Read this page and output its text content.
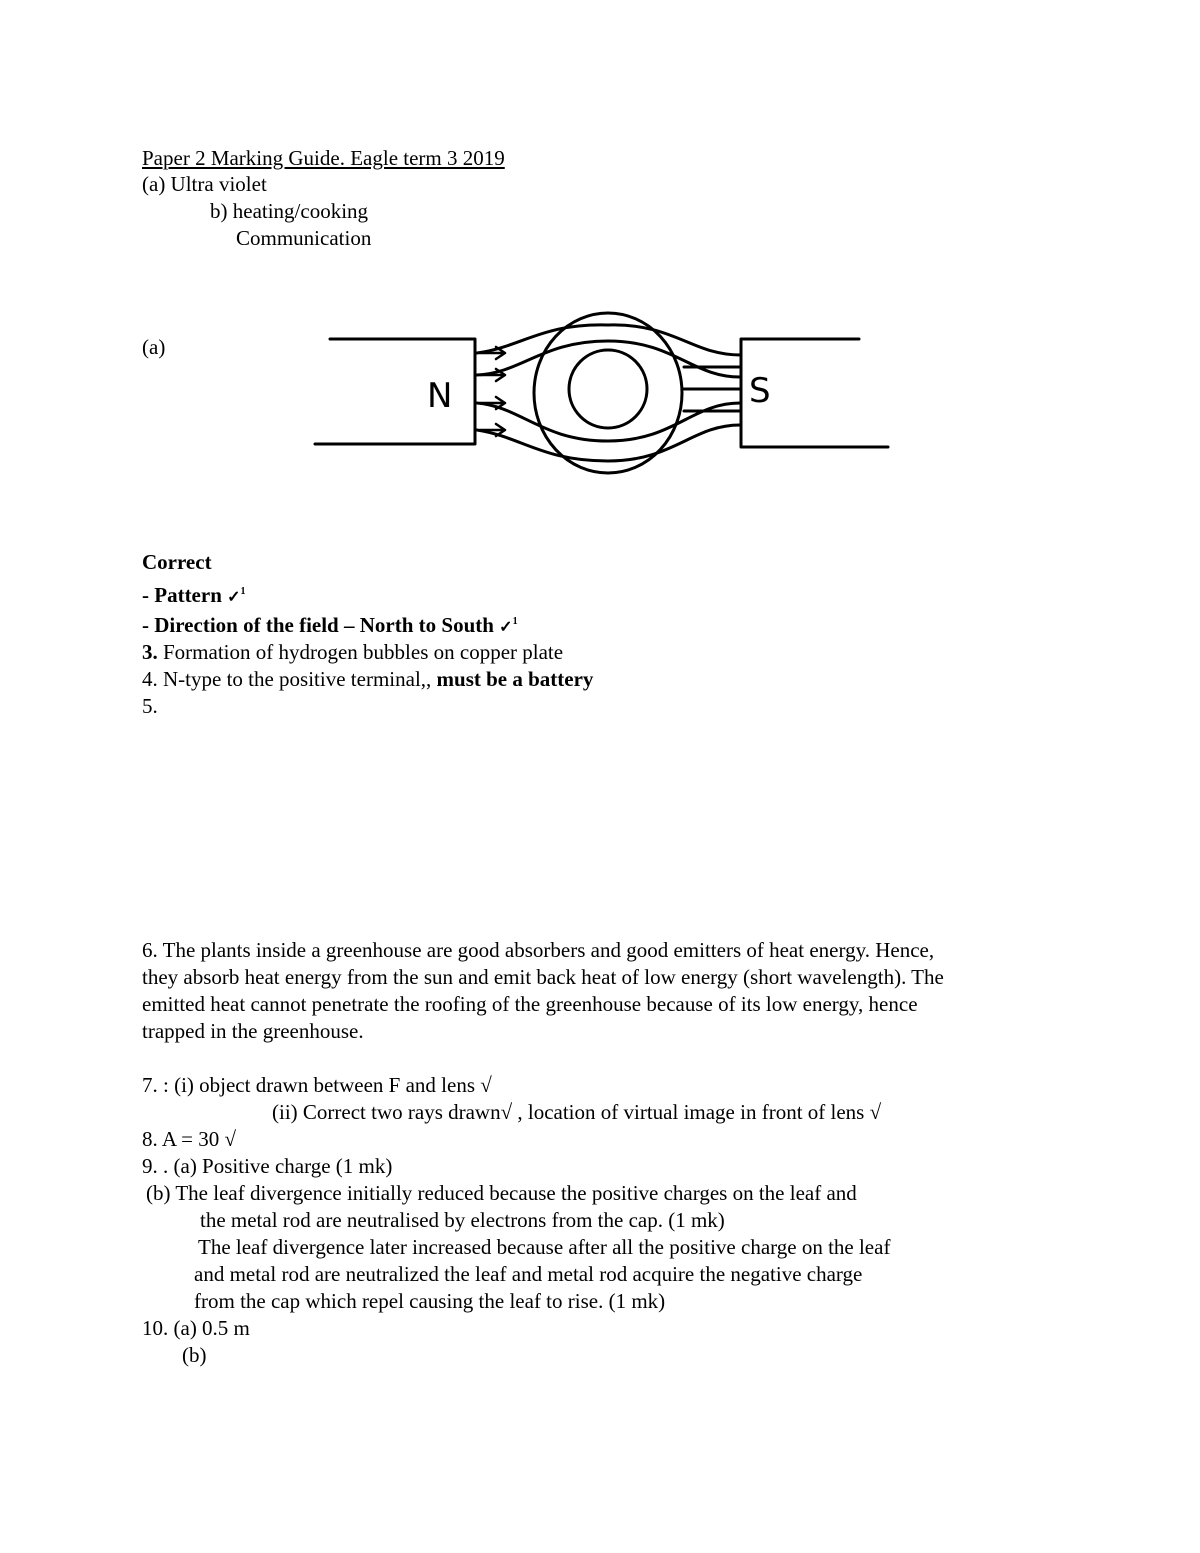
Paper 2 Marking Guide. Eagle term 3 2019
(a) Ultra violet
b) heating/cooking
Communication
(a)
N	S
Correct
- Pattern ✓$^1$
- Direction of the field – North to South ✓$^1$
3. Formation of hydrogen bubbles on copper plate
4. N-type to the positive terminal,, must be a battery
5.
6. The plants inside a greenhouse are good absorbers and good emitters of heat energy. Hence,
they absorb heat energy from the sun and emit back heat of low energy (short wavelength). The
emitted heat cannot penetrate the roofing of the greenhouse because of its low energy, hence
trapped in the greenhouse.
7. : (i) object drawn between F and lens √
(ii) Correct two rays drawn√ , location of virtual image in front of lens √
8. A = 30 √
9. . (a) Positive charge (1 mk)
(b) The leaf divergence initially reduced because the positive charges on the leaf and
the metal rod are neutralised by electrons from the cap. (1 mk)
The leaf divergence later increased because after all the positive charge on the leaf
and metal rod are neutralized the leaf and metal rod acquire the negative charge
from the cap which repel causing the leaf to rise. (1 mk)
10. (a) 0.5 m
(b)
